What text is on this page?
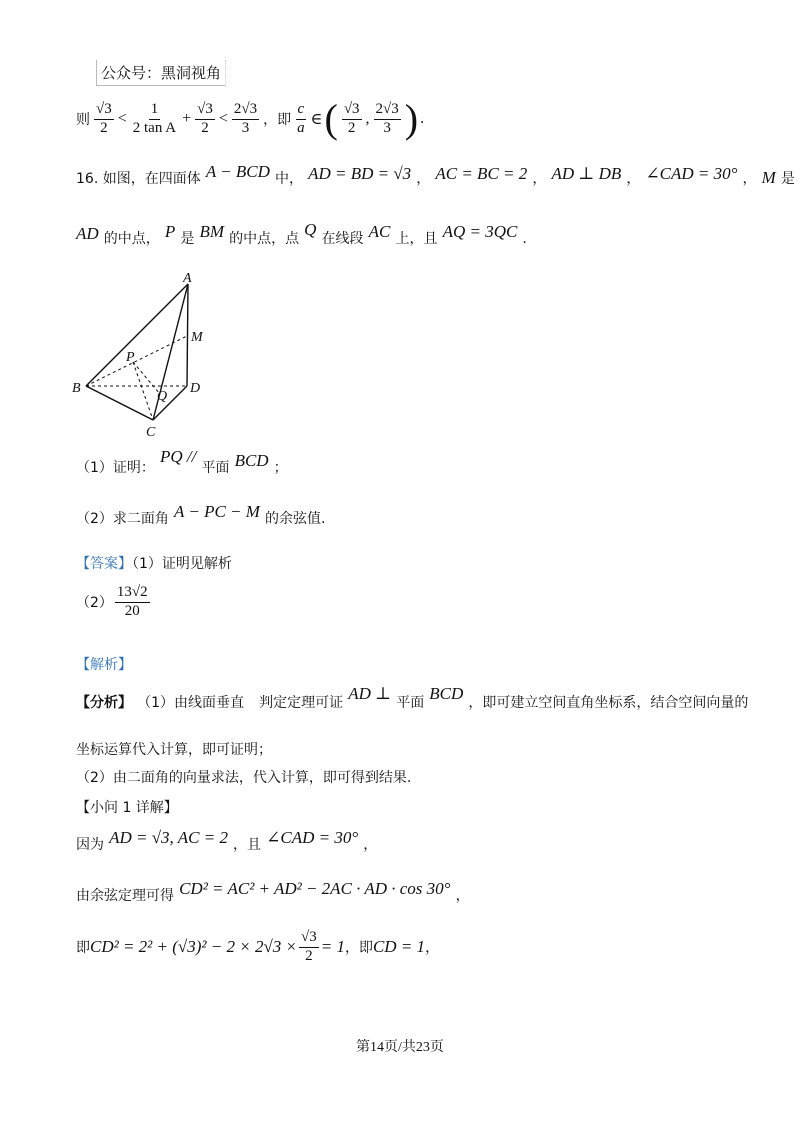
公众号：黑洞视角
则 $\frac{√3}{2} < \frac{1}{\text{2 tan A}} + \frac{√3}{2} < \frac{2√3}{3}$ ，即 $\frac{c}{a}$ ∈ ( $\frac{√3}{2}$ , $\frac{2√3}{3}$ ) .
16. 如图，在四面体 A − BCD 中， AD = BD = √3 ， AC = BC = 2 ， AD ⊥ DB ， ∠CAD = 30° ， M 是
AD 的中点， P 是 BM 的中点，点 Q 在线段 AC 上，且 AQ = 3QC .
A
M
P
B	D
Q
C
（1）证明： PQ // 平面 BCD ；
（2）求二面角 A − PC − M 的余弦值.
【答案】（1）证明见解析
$(2) \frac{13√2}{20}$
【解析】
【分析】 （1）由线面垂直 判定定理可证 AD ⊥ 平面 BCD ，即可建立空间直角坐标系，结合空间向量的
坐标运算代入计算，即可证明；
（2）由二面角的向量求法，代入计算，即可得到结果.
【小问 1 详解】
因为 AD = √3, AC = 2 ，且 ∠CAD = 30° ，
由余弦定理可得 CD² = AC² + AD² − 2AC · AD · cos 30° ，
即 $CD^2 = 2^2 + (√3)^2 - 2 \times 2√3 \times \frac{√3}{2} = 1$ ，即 CD = 1 ，
第14页/共23页
